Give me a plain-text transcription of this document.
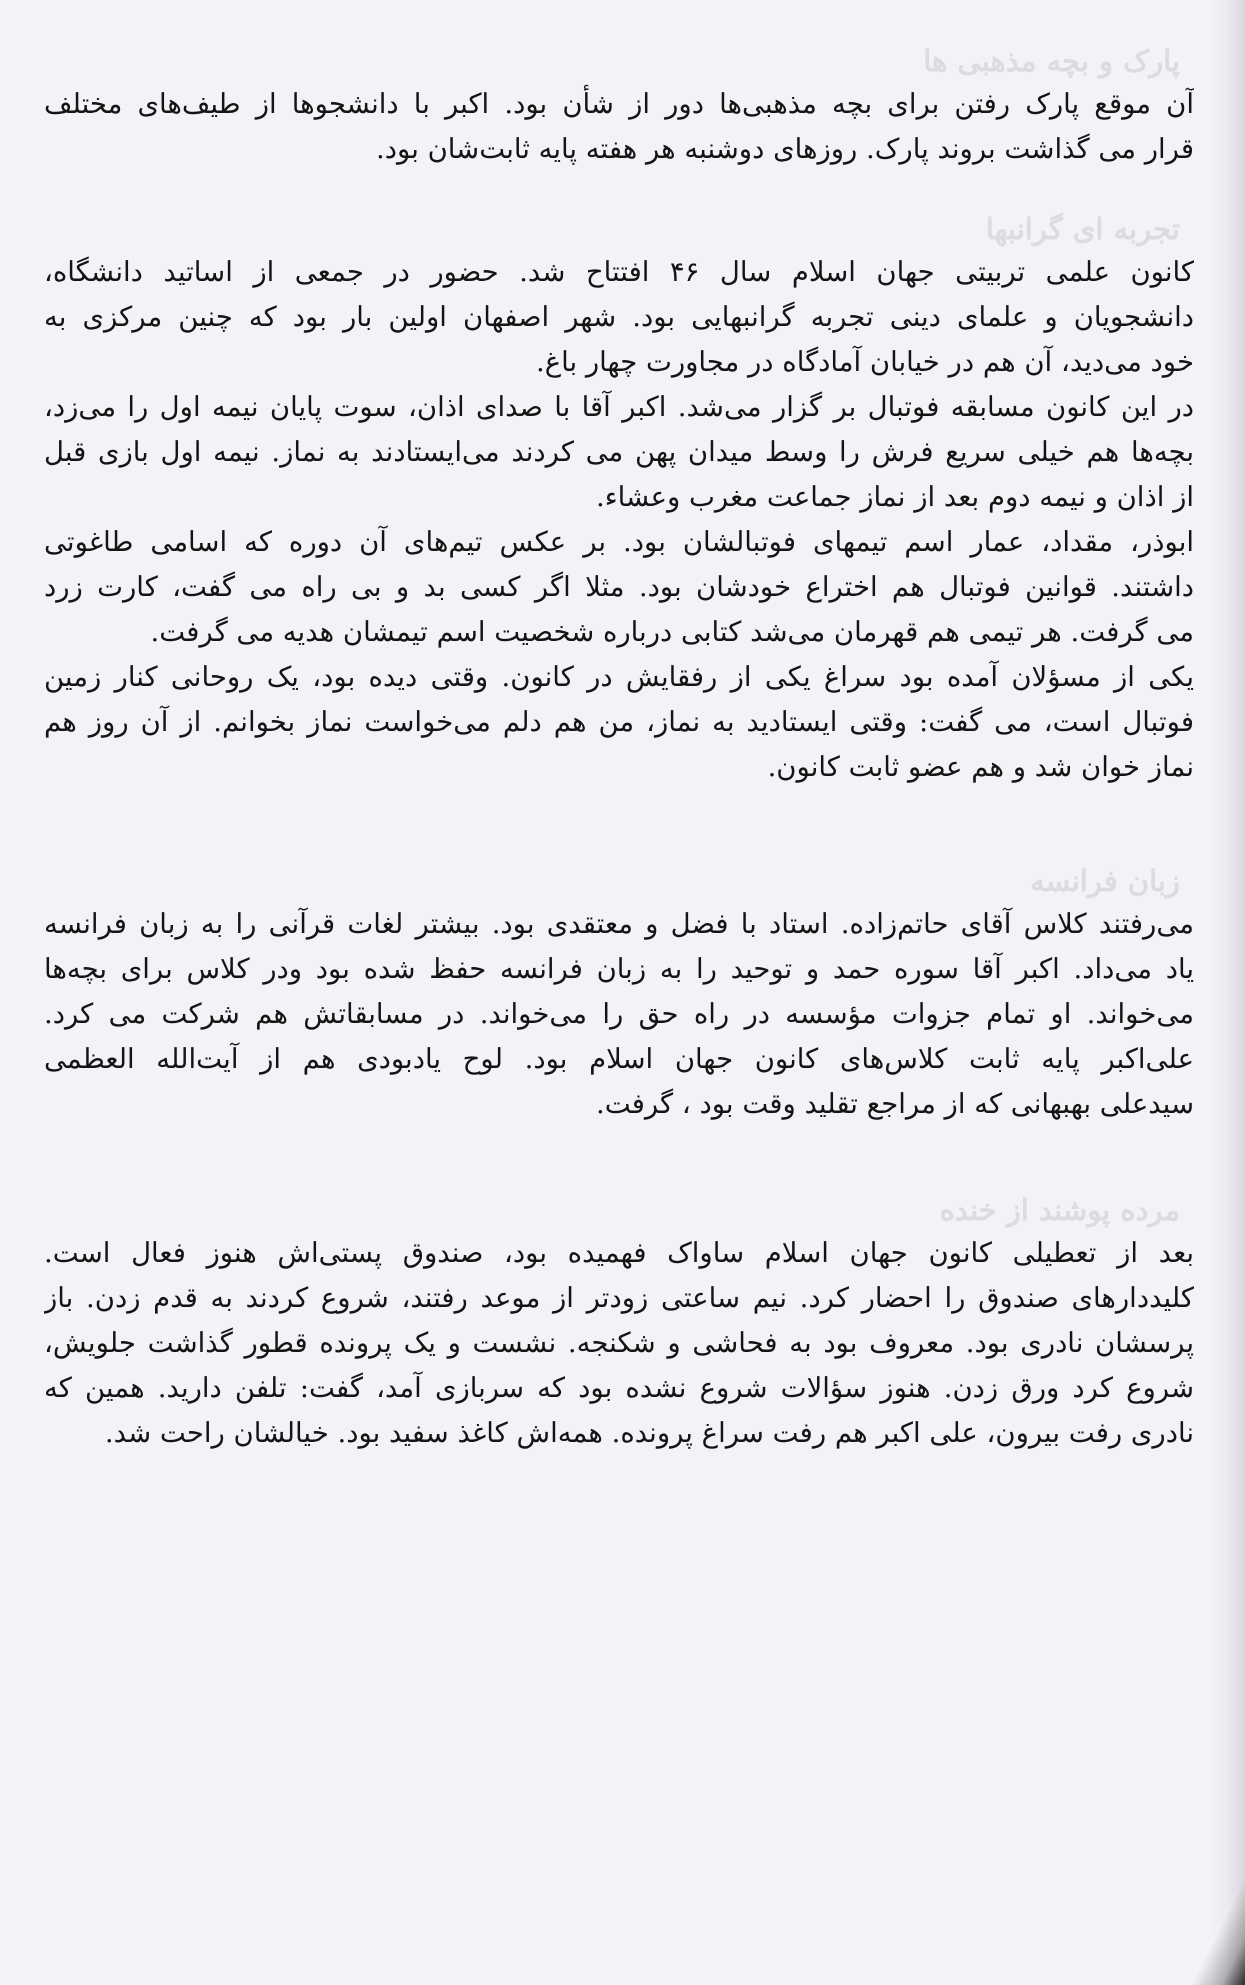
پارک و بچه مذهبی ها

آن موقع پارک رفتن برای بچه مذهبی‌ها دور از شأن بود. اکبر با دانشجوها از طیف‌های مختلف

قرار می گذاشت بروند پارک. روزهای دوشنبه هر هفته پایه ثابت‌شان بود.

تجربه ای گرانبها

کانون علمی تربیتی جهان اسلام سال ۴۶ افتتاح شد. حضور در جمعی از اساتید دانشگاه،

دانشجویان و علمای دینی تجربه گرانبهایی بود. شهر اصفهان اولین بار بود که چنین مرکزی به

خود می‌دید، آن هم در خیابان آمادگاه در مجاورت چهار باغ.

در این کانون مسابقه فوتبال بر گزار می‌شد. اکبر آقا با صدای اذان، سوت پایان نیمه اول را می‌زد،

بچه‌ها هم خیلی سریع فرش را وسط میدان پهن می کردند می‌ایستادند به نماز. نیمه اول بازی قبل

از اذان و نیمه دوم بعد از نماز جماعت مغرب وعشاء.

ابوذر، مقداد، عمار اسم تیمهای فوتبالشان بود. بر عکس تیم‌های آن دوره که اسامی طاغوتی

داشتند. قوانین فوتبال هم اختراع خودشان بود. مثلا اگر کسی بد و بی راه می گفت، کارت زرد

می گرفت. هر تیمی هم قهرمان می‌شد کتابی درباره شخصیت اسم تیمشان هدیه می گرفت.

یکی از مسؤلان آمده بود سراغ یکی از رفقایش در کانون. وقتی دیده بود، یک روحانی کنار زمین

فوتبال است، می گفت: وقتی ایستادید به نماز، من هم دلم می‌خواست نماز بخوانم. از آن روز هم

نماز خوان شد و هم عضو ثابت کانون.

زبان فرانسه

می‌رفتند کلاس آقای حاتم‌زاده. استاد با فضل و معتقدی بود. بیشتر لغات قرآنی را به زبان فرانسه

یاد می‌داد. اکبر آقا سوره حمد و توحید را به زبان فرانسه حفظ شده بود ودر کلاس برای بچه‌ها

می‌خواند. او تمام جزوات مؤسسه در راه حق را می‌خواند. در مسابقاتش هم شرکت می کرد.

علی‌اکبر پایه ثابت کلاس‌های کانون جهان اسلام بود. لوح یادبودی هم از آیت‌الله العظمی

سیدعلی بهبهانی که از مراجع تقلید وقت بود ، گرفت.

مرده پوشند از خنده

بعد از تعطیلی کانون جهان اسلام ساواک فهمیده بود، صندوق پستی‌اش هنوز فعال است.

کلیددارهای صندوق را احضار کرد. نیم ساعتی زودتر از موعد رفتند، شروع کردند به قدم زدن. باز

پرسشان نادری بود. معروف بود به فحاشی و شکنجه. نشست و یک پرونده قطور گذاشت جلویش،

شروع کرد ورق زدن. هنوز سؤالات شروع نشده بود که سربازی آمد، گفت: تلفن دارید. همین که

نادری رفت بیرون، علی اکبر هم رفت سراغ پرونده. همه‌اش کاغذ سفید بود. خیالشان راحت شد.
